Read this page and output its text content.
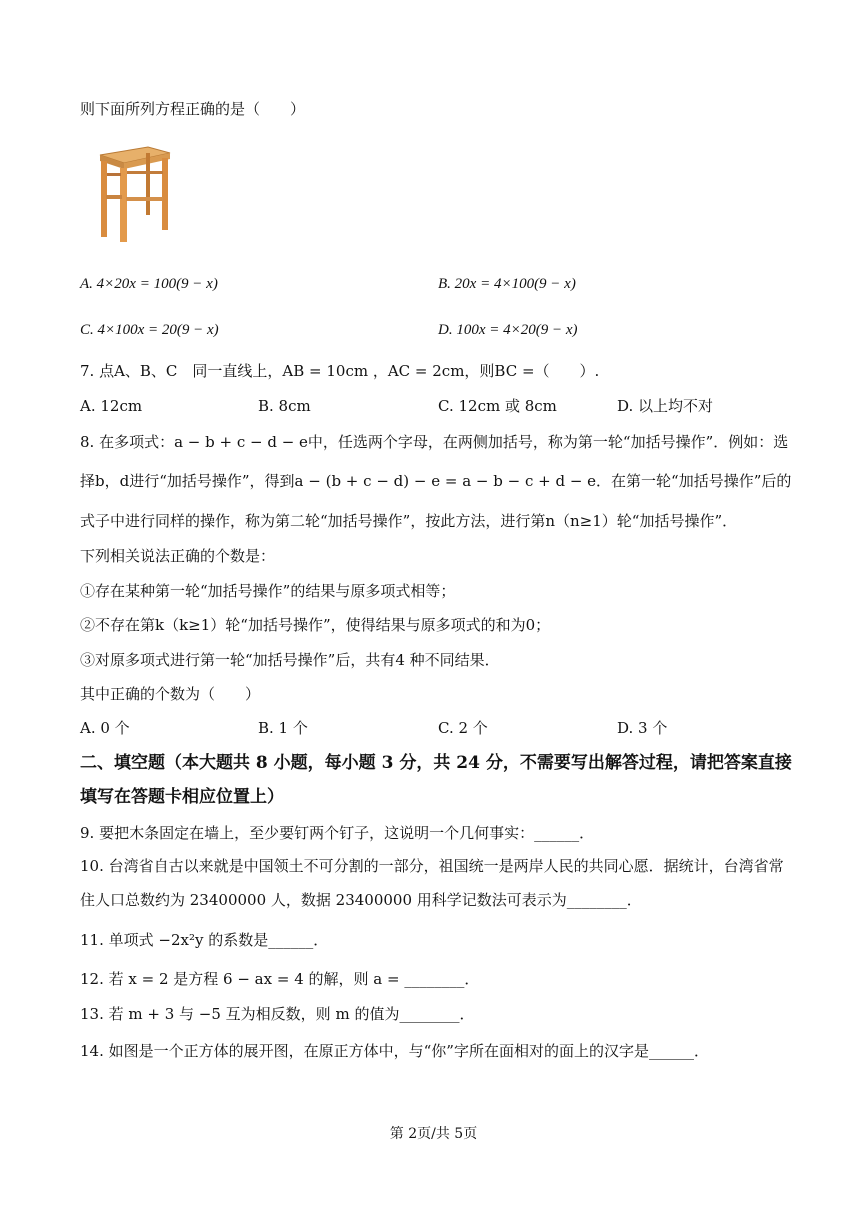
则下面所列方程正确的是（　　）
A. 4×20x = 100(9 − x)	B. 20x = 4×100(9 − x)
C. 4×100x = 20(9 − x)	D. 100x = 4×20(9 − x)
7. 点A、B、C　同一直线上，AB = 10cm ，AC = 2cm，则BC =（　　）.
A. 12cm	B. 8cm	C. 12cm 或 8cm	D. 以上均不对
8. 在多项式：a − b + c − d − e中，任选两个字母，在两侧加括号，称为第一轮“加括号操作”．例如：选
择b，d进行“加括号操作”，得到a − (b + c − d) − e = a − b − c + d − e．在第一轮“加括号操作”后的
式子中进行同样的操作，称为第二轮“加括号操作”，按此方法，进行第n（n≥1）轮“加括号操作”．
下列相关说法正确的个数是：
①存在某种第一轮“加括号操作”的结果与原多项式相等；
②不存在第k（k≥1）轮“加括号操作”，使得结果与原多项式的和为0；
③对原多项式进行第一轮“加括号操作”后，共有4 种不同结果．
其中正确的个数为（　　）
A. 0 个	B. 1 个	C. 2 个	D. 3 个
二、填空题（本大题共 8 小题，每小题 3 分，共 24 分，不需要写出解答过程，请把答案直接
填写在答题卡相应位置上）
9. 要把木条固定在墙上，至少要钉两个钉子，这说明一个几何事实：______．
10. 台湾省自古以来就是中国领土不可分割的一部分，祖国统一是两岸人民的共同心愿．据统计，台湾省常
住人口总数约为 23400000 人，数据 23400000 用科学记数法可表示为________．
11. 单项式 −2x²y 的系数是______．
12. 若 x = 2 是方程 6 − ax = 4 的解，则 a = ________．
13. 若 m + 3 与 −5 互为相反数，则 m 的值为________．
14. 如图是一个正方体的展开图，在原正方体中，与“你”字所在面相对的面上的汉字是______．
第 2页/共 5页
